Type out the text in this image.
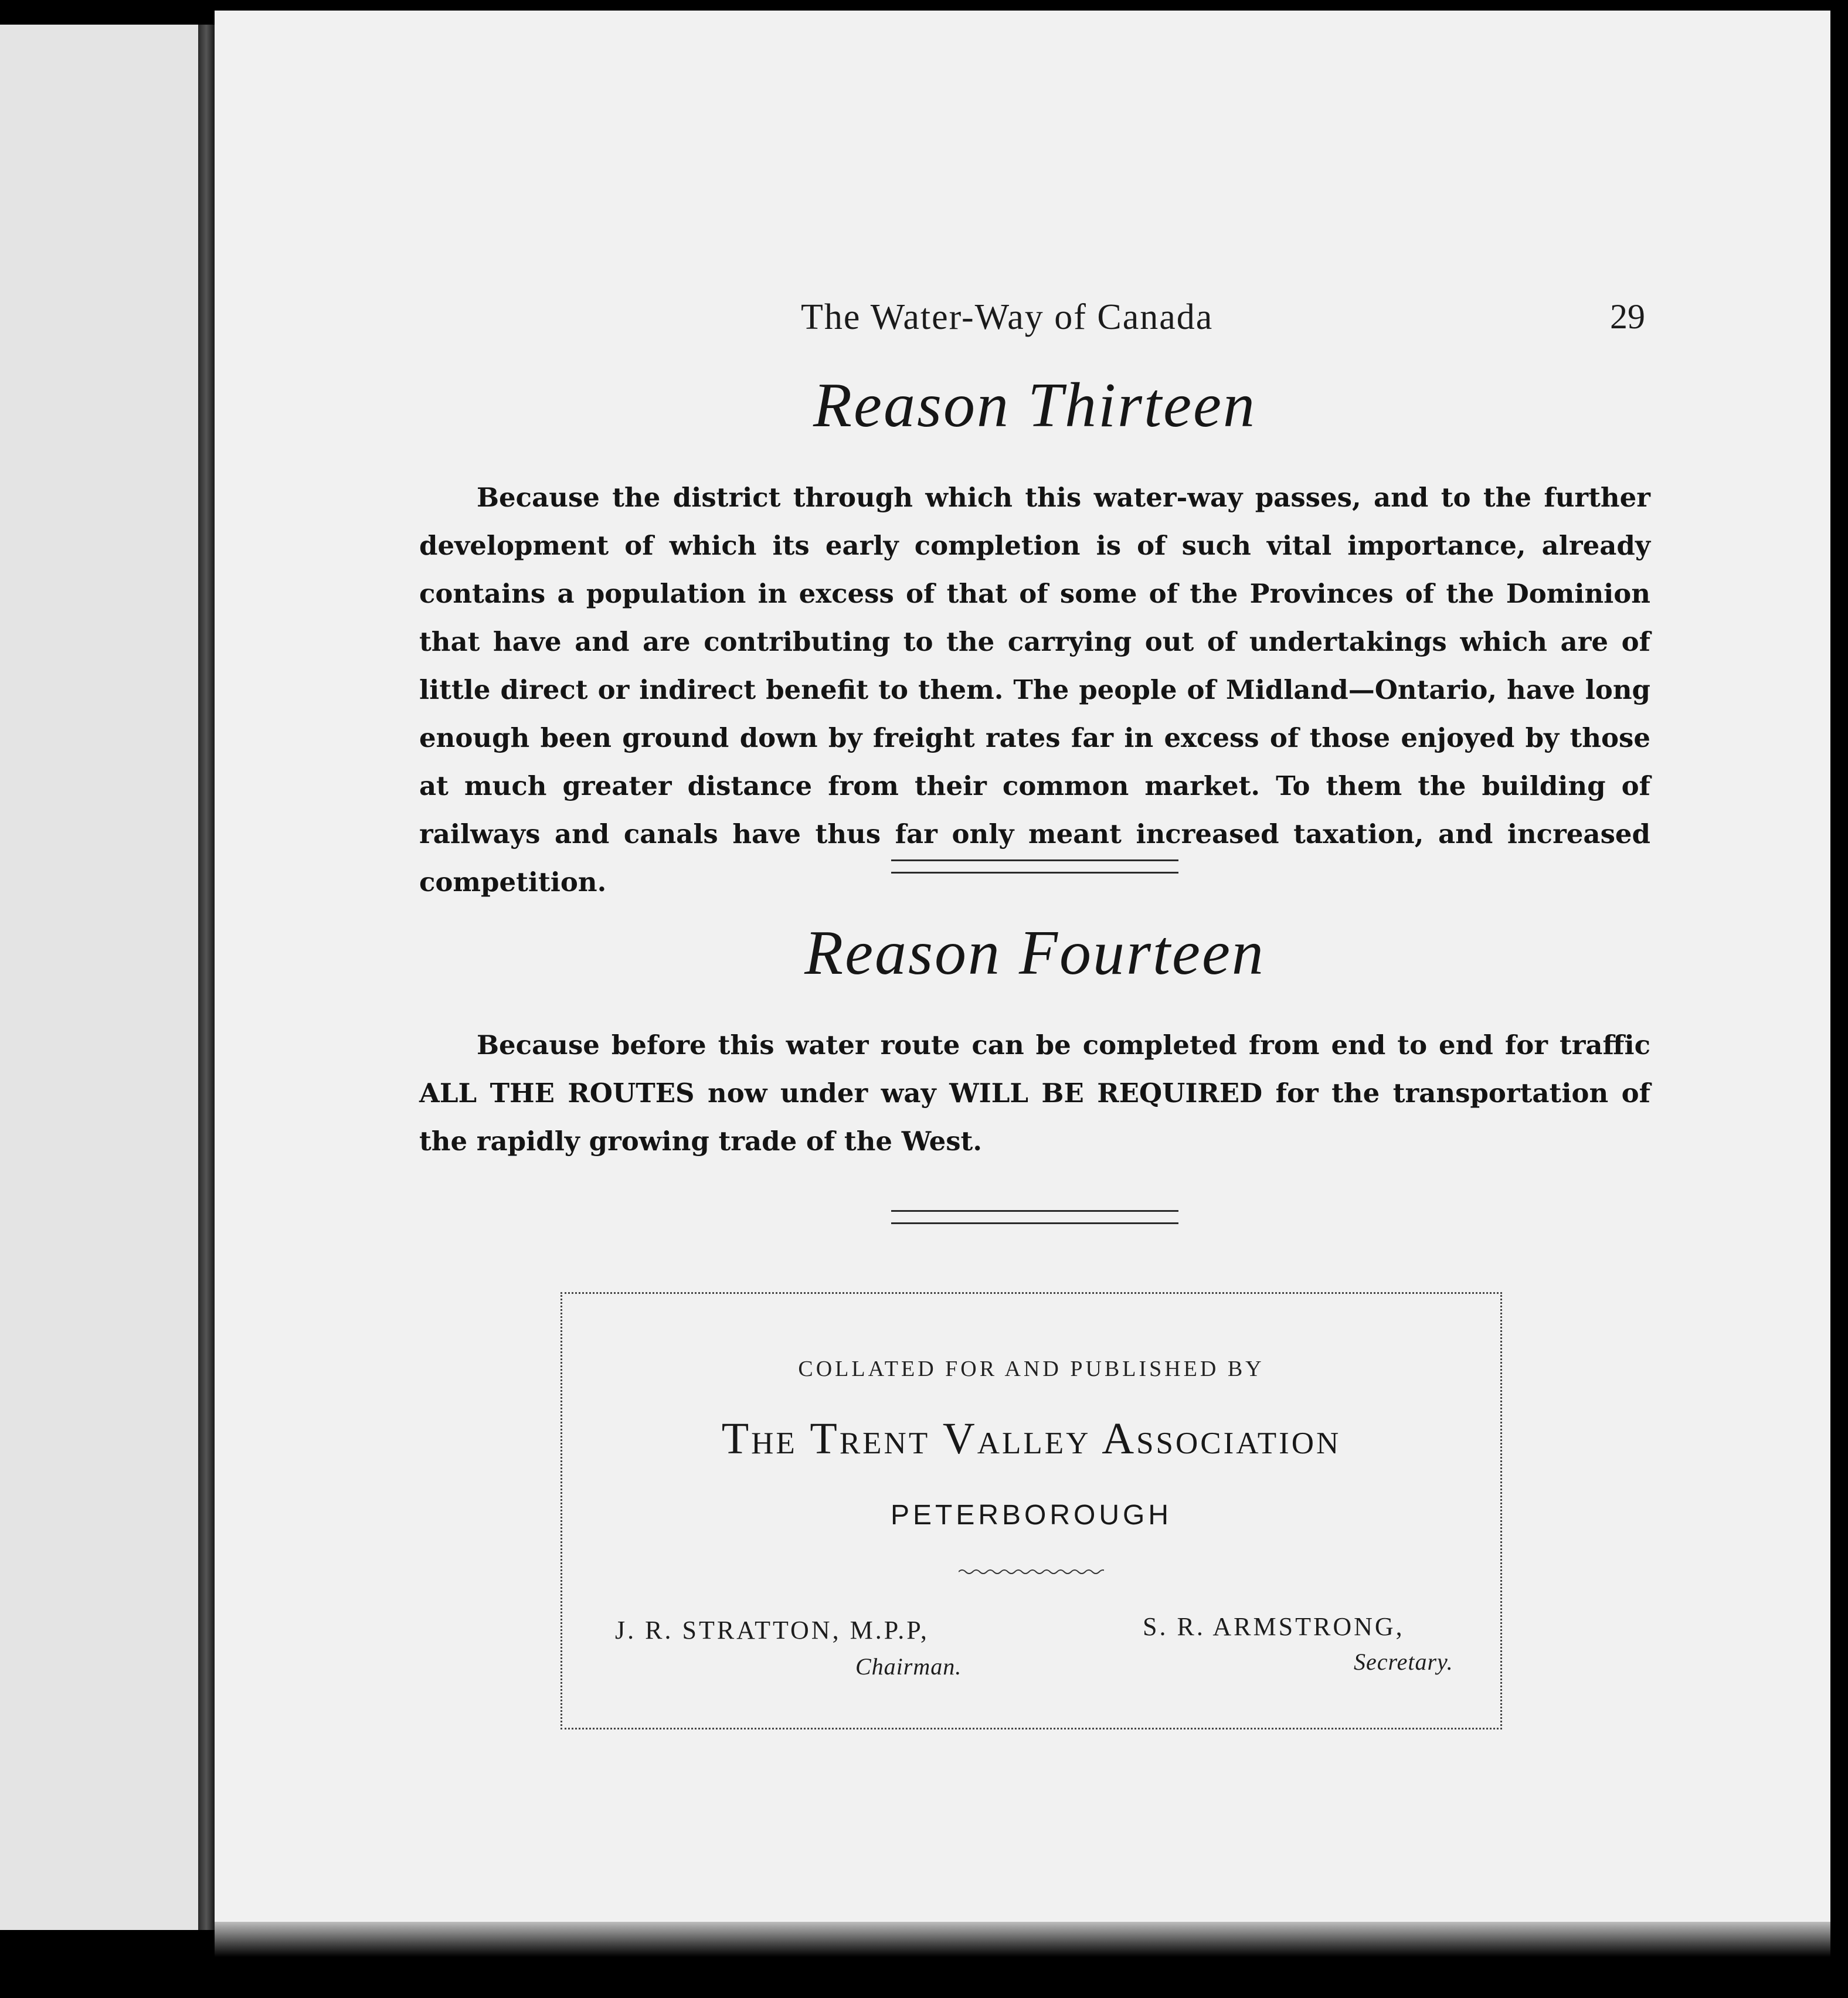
The Water-Way of Canada	29
Reason Thirteen
Because the district through which this water-way passes, and to the further development of which its early completion is of such vital importance, already contains a population in excess of that of some of the Provinces of the Dominion that have and are contributing to the carrying out of undertakings which are of little direct or indirect benefit to them. The people of Midland—Ontario, have long enough been ground down by freight rates far in excess of those enjoyed by those at much greater distance from their common market. To them the building of railways and canals have thus far only meant increased taxation, and increased competition.
Reason Fourteen
Because before this water route can be completed from end to end for traffic ALL THE ROUTES now under way WILL BE REQUIRED for the transportation of the rapidly growing trade of the West.
COLLATED FOR AND PUBLISHED BY
The Trent Valley Association
PETERBOROUGH
J. R. STRATTON, M.P.P,
Chairman.
S. R. ARMSTRONG,
Secretary.
